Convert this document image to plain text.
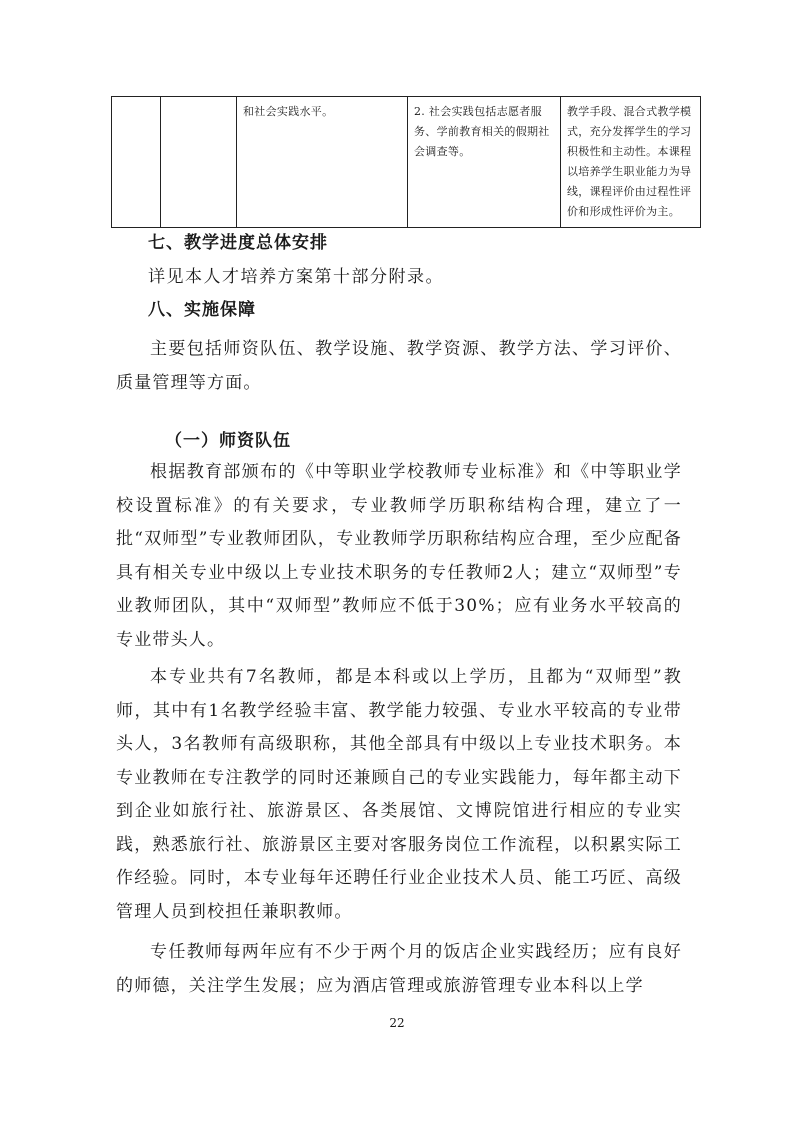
		和社会实践水平。	2. 社会实践包括志愿者服务、学前教育相关的假期社会调查等。	教学手段、混合式教学模式，充分发挥学生的学习积极性和主动性。本课程以培养学生职业能力为导线，课程评价由过程性评价和形成性评价为主。
七、教学进度总体安排
详见本人才培养方案第十部分附录。
八、实施保障

主要包括师资队伍、教学设施、教学资源、教学方法、学习评价、质量管理等方面。

（一）师资队伍

根据教育部颁布的《中等职业学校教师专业标准》和《中等职业学校设置标准》的有关要求，专业教师学历职称结构合理，建立了一批“双师型”专业教师团队，专业教师学历职称结构应合理，至少应配备具有相关专业中级以上专业技术职务的专任教师2人；建立“双师型”专业教师团队，其中“双师型”教师应不低于30%；应有业务水平较高的专业带头人。

本专业共有7名教师，都是本科或以上学历，且都为“双师型”教师，其中有1名教学经验丰富、教学能力较强、专业水平较高的专业带头人，3名教师有高级职称，其他全部具有中级以上专业技术职务。本专业教师在专注教学的同时还兼顾自己的专业实践能力，每年都主动下到企业如旅行社、旅游景区、各类展馆、文博院馆进行相应的专业实践，熟悉旅行社、旅游景区主要对客服务岗位工作流程，以积累实际工作经验。同时，本专业每年还聘任行业企业技术人员、能工巧匠、高级管理人员到校担任兼职教师。

专任教师每两年应有不少于两个月的饭店企业实践经历；应有良好的师德，关注学生发展；应为酒店管理或旅游管理专业本科以上学

22
